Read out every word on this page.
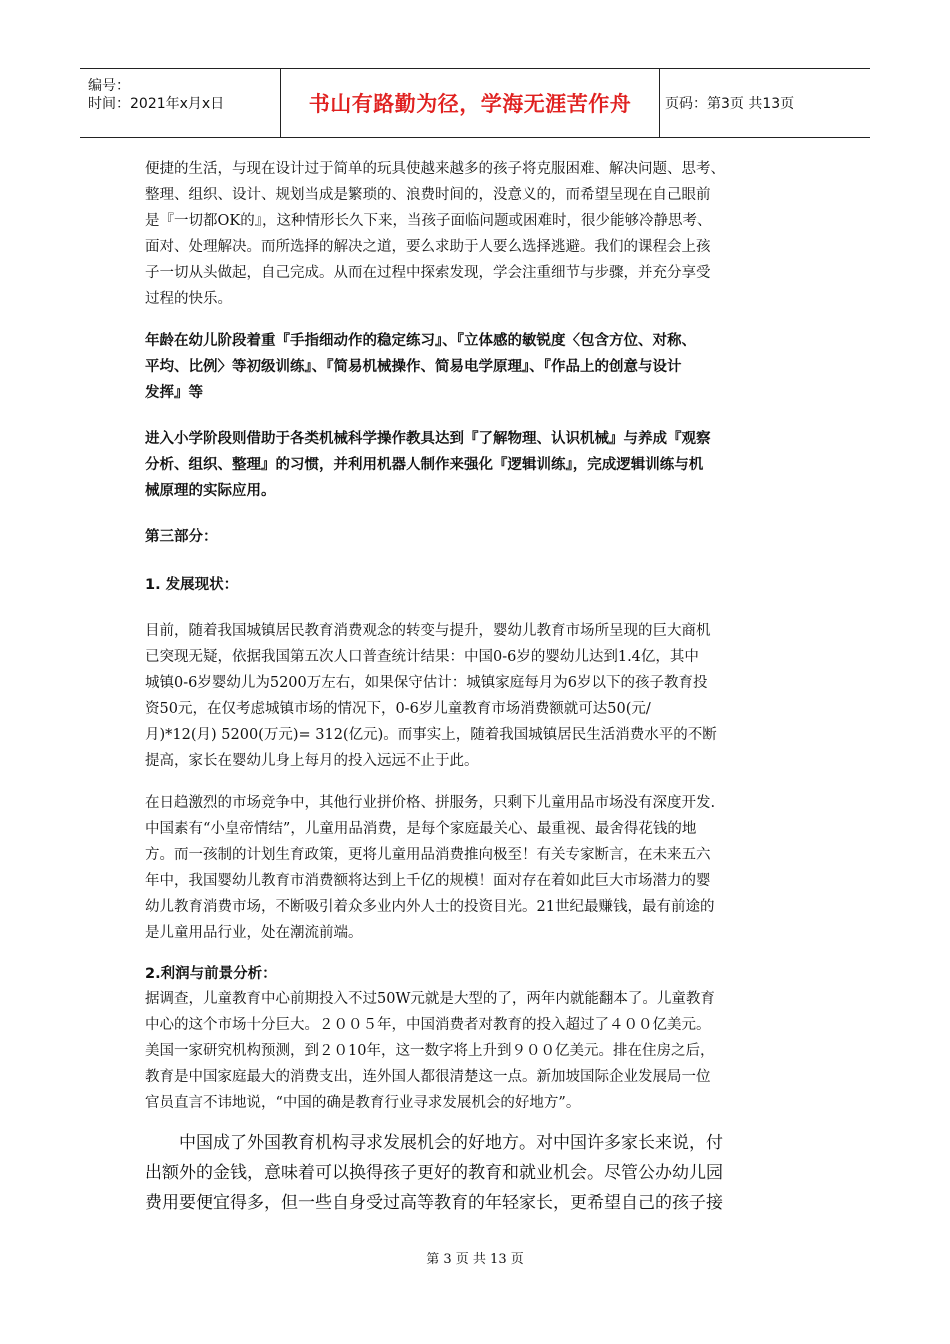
编号：
时间：2021年x月x日	书山有路勤为径，学海无涯苦作舟	页码：第3页 共13页
便捷的生活，与现在设计过于简单的玩具使越来越多的孩子将克服困难、解决问题、思考、
整理、组织、设计、规划当成是繁琐的、浪费时间的，没意义的，而希望呈现在自己眼前
是『一切都OK的』，这种情形长久下来，当孩子面临问题或困难时，很少能够冷静思考、
面对、处理解决。而所选择的解决之道，要么求助于人要么选择逃避。我们的课程会上孩
子一切从头做起，自己完成。从而在过程中探索发现，学会注重细节与步骤，并充分享受
过程的快乐。
年龄在幼儿阶段着重『手指细动作的稳定练习』、『立体感的敏锐度〈包含方位、对称、
平均、比例〉等初级训练』、『简易机械操作、简易电学原理』、『作品上的创意与设计
发挥』等
进入小学阶段则借助于各类机械科学操作教具达到『了解物理、认识机械』与养成『观察
分析、组织、整理』的习惯，并利用机器人制作来强化『逻辑训练』，完成逻辑训练与机
械原理的实际应用。
第三部分：
1. 发展现状：
目前，随着我国城镇居民教育消费观念的转变与提升，婴幼儿教育市场所呈现的巨大商机
已突现无疑，依据我国第五次人口普查统计结果：中国0-6岁的婴幼儿达到1.4亿，其中
城镇0-6岁婴幼儿为5200万左右，如果保守估计：城镇家庭每月为6岁以下的孩子教育投
资50元，在仅考虑城镇市场的情况下，0-6岁儿童教育市场消费额就可达50(元/
月)*12(月) 5200(万元)= 312(亿元)。而事实上，随着我国城镇居民生活消费水平的不断
提高，家长在婴幼儿身上每月的投入远远不止于此。
在日趋激烈的市场竞争中，其他行业拼价格、拼服务，只剩下儿童用品市场没有深度开发.
中国素有“小皇帝情结”，儿童用品消费，是每个家庭最关心、最重视、最舍得花钱的地
方。而一孩制的计划生育政策，更将儿童用品消费推向极至！有关专家断言，在未来五六
年中，我国婴幼儿教育市消费额将达到上千亿的规模！面对存在着如此巨大市场潜力的婴
幼儿教育消费市场，不断吸引着众多业内外人士的投资目光。21世纪最赚钱，最有前途的
是儿童用品行业，处在潮流前端。
2.利润与前景分析：
据调查，儿童教育中心前期投入不过50W元就是大型的了，两年内就能翻本了。儿童教育
中心的这个市场十分巨大。２００５年，中国消费者对教育的投入超过了４００亿美元。
美国一家研究机构预测，到２０10年，这一数字将上升到９００亿美元。排在住房之后，
教育是中国家庭最大的消费支出，连外国人都很清楚这一点。新加坡国际企业发展局一位
官员直言不讳地说，“中国的确是教育行业寻求发展机会的好地方”。
　　中国成了外国教育机构寻求发展机会的好地方。对中国许多家长来说，付
出额外的金钱，意味着可以换得孩子更好的教育和就业机会。尽管公办幼儿园
费用要便宜得多，但一些自身受过高等教育的年轻家长，更希望自己的孩子接
第 3 页 共 13 页
